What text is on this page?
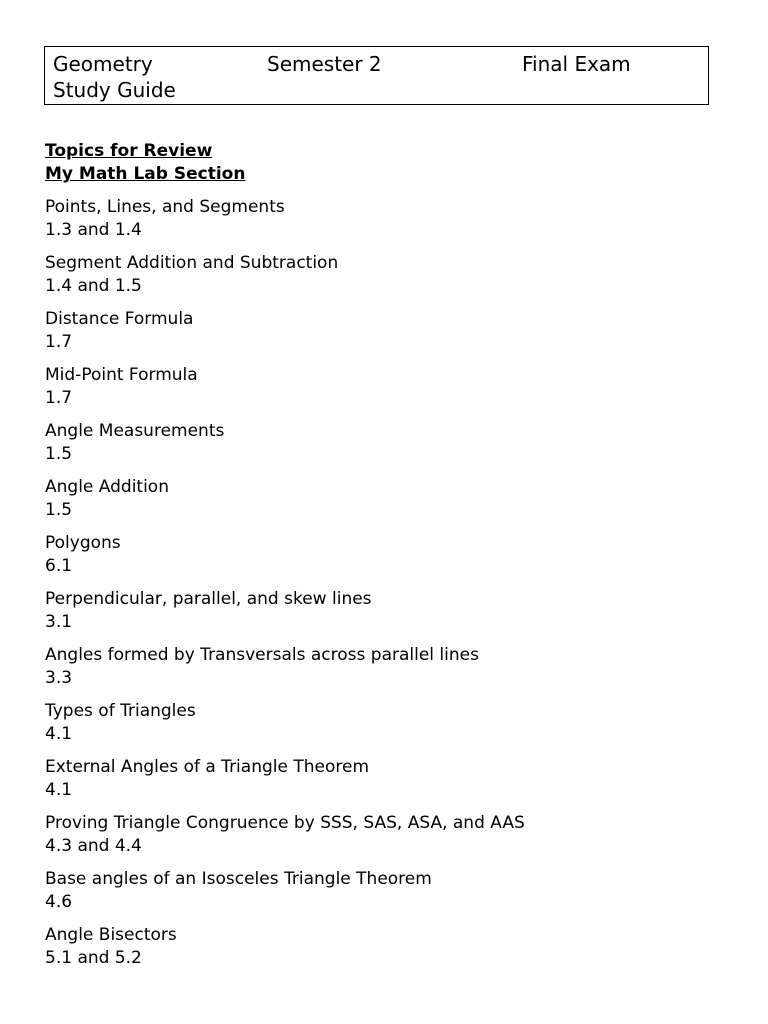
Geometry	Semester 2	Final Exam
Study Guide
Topics for Review
My Math Lab Section
Points, Lines, and Segments
1.3 and 1.4
Segment Addition and Subtraction
1.4 and 1.5
Distance Formula
1.7
Mid-Point Formula
1.7
Angle Measurements
1.5
Angle Addition
1.5
Polygons
6.1
Perpendicular, parallel, and skew lines
3.1
Angles formed by Transversals across parallel lines
3.3
Types of Triangles
4.1
External Angles of a Triangle Theorem
4.1
Proving Triangle Congruence by SSS, SAS, ASA, and AAS
4.3 and 4.4
Base angles of an Isosceles Triangle Theorem
4.6
Angle Bisectors
5.1 and 5.2
